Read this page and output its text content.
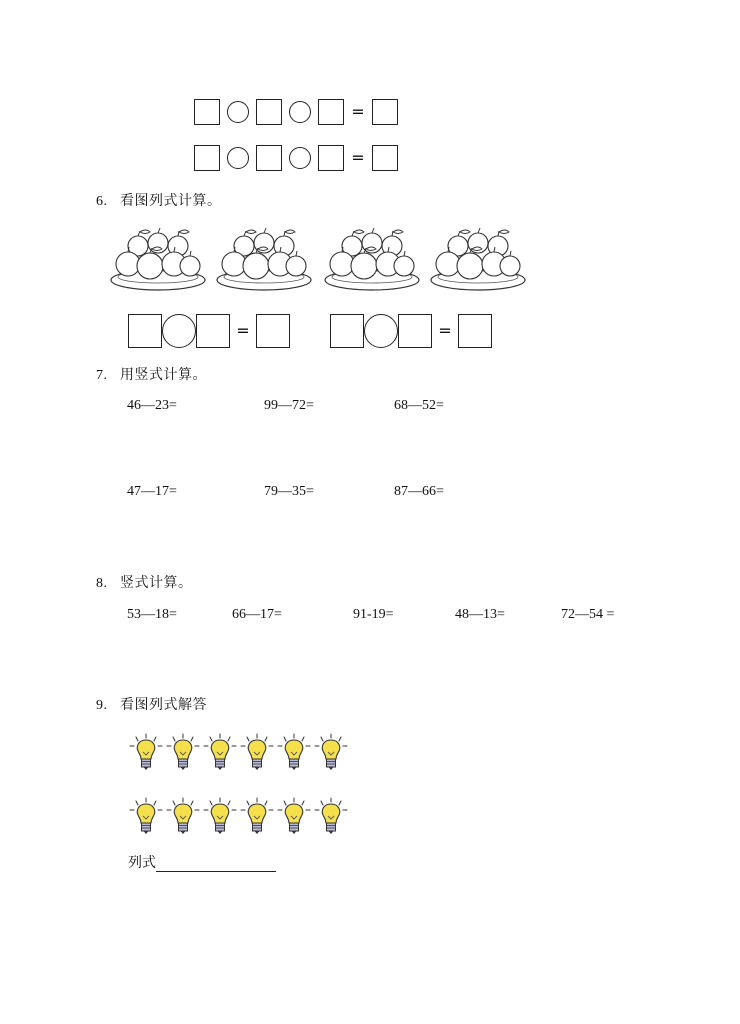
=
=
6. 看图列式计算。
=	=
7. 用竖式计算。
46—23=	99—72=	68—52=
47—17=	79—35=	87—66=
8. 竖式计算。
53—18=	66—17=	91-19=	48—13=	72—54 =
9. 看图列式解答
列式
